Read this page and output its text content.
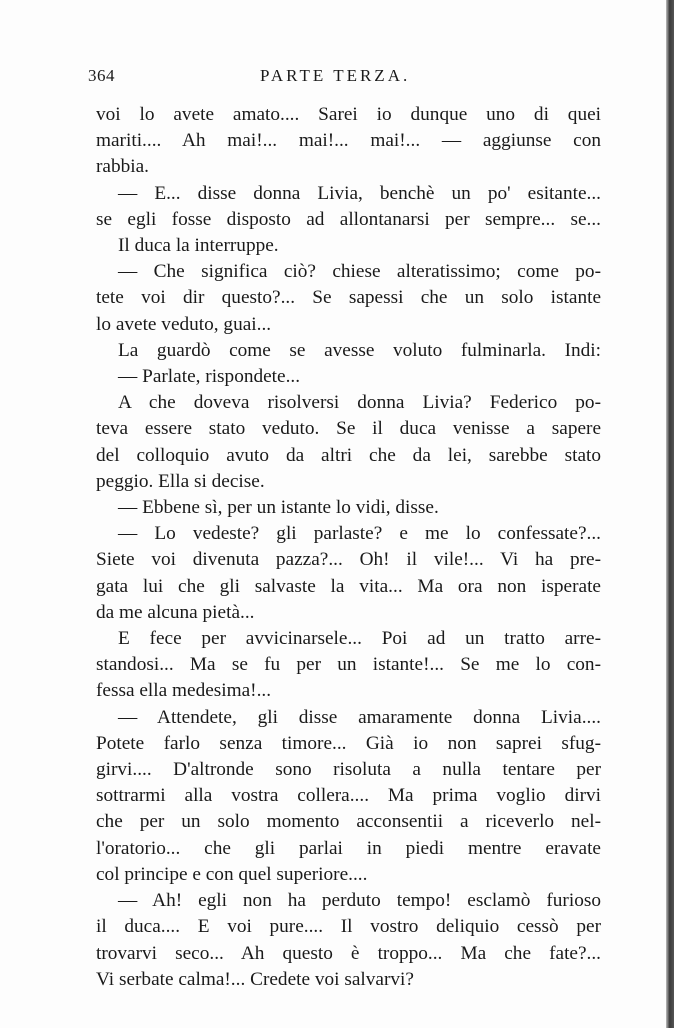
364	PARTE TERZA.
voi lo avete amato.... Sarei io dunque uno di quei
mariti.... Ah mai!... mai!... mai!... — aggiunse con
rabbia.
— E... disse donna Livia, benchè un po' esitante...
se egli fosse disposto ad allontanarsi per sempre... se...
Il duca la interruppe.
— Che significa ciò? chiese alteratissimo; come po-
tete voi dir questo?... Se sapessi che un solo istante
lo avete veduto, guai...
La guardò come se avesse voluto fulminarla. Indi:
— Parlate, rispondete...
A che doveva risolversi donna Livia? Federico po-
teva essere stato veduto. Se il duca venisse a sapere
del colloquio avuto da altri che da lei, sarebbe stato
peggio. Ella si decise.
— Ebbene sì, per un istante lo vidi, disse.
— Lo vedeste? gli parlaste? e me lo confessate?...
Siete voi divenuta pazza?... Oh! il vile!... Vi ha pre-
gata lui che gli salvaste la vita... Ma ora non isperate
da me alcuna pietà...
E fece per avvicinarsele... Poi ad un tratto arre-
standosi... Ma se fu per un istante!... Se me lo con-
fessa ella medesima!...
— Attendete, gli disse amaramente donna Livia....
Potete farlo senza timore... Già io non saprei sfug-
girvi.... D'altronde sono risoluta a nulla tentare per
sottrarmi alla vostra collera.... Ma prima voglio dirvi
che per un solo momento acconsentii a riceverlo nel-
l'oratorio... che gli parlai in piedi mentre eravate
col principe e con quel superiore....
— Ah! egli non ha perduto tempo! esclamò furioso
il duca.... E voi pure.... Il vostro deliquio cessò per
trovarvi seco... Ah questo è troppo... Ma che fate?...
Vi serbate calma!... Credete voi salvarvi?
